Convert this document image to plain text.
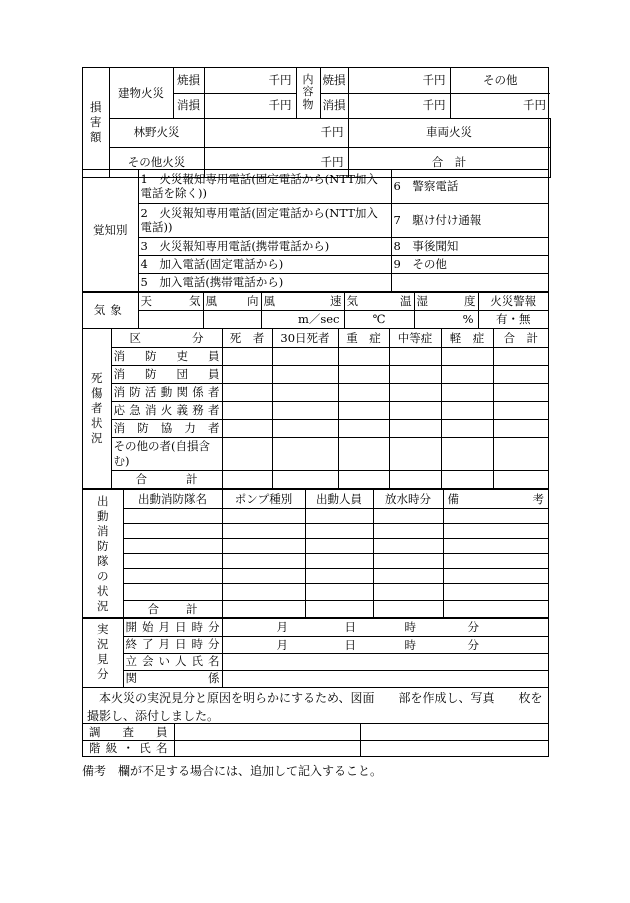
損害額	建物火災	焼損	千円	内容物	焼損	千円	その他	
		消損	千円		消損	千円	千円	
	林野火災		千円			車両火災	
	その他火災		千円			合　計	
覚知別	1　火災報知専用電話(固定電話から(NTT加入電話を除く))	6　警察電話
	2　火災報知専用電話(固定電話から(NTT加入電話))	7　駆け付け通報
	3　火災報知専用電話(携帯電話から)	8　事後聞知
	4　加入電話(固定電話から)	9　その他
	5　加入電話(携帯電話から)	
気象	天　　気	風　　向	風　　速	気　　温	湿　　度	火災警報
			m／sec	℃	%	有・無
死傷者状況	区　　分	死　者	30日死者	重　症	中等症	軽　症	合　計
	消　防　吏　員						
	消　防　団　員						
	消防活動関係者						
	応急消火義務者						
	消　防　協　力　者						
	その他の者(自損含む)						
	合　　計						
出動消防隊の状況	出動消防隊名	ポンプ種別	出動人員	放水時分	備　　　考

	合　　計				
実況見分	開始月日時分	月 日 時 分

	終了月日時分	月 日 時 分

	立会い人氏名	
	関　　係	
本火災の実況見分と原因を明らかにするため、図面　　部を作成し、写真　　枚を撮影し、添付しました。
調　査　員		
階級・氏名		
備考　欄が不足する場合には、追加して記入すること。
